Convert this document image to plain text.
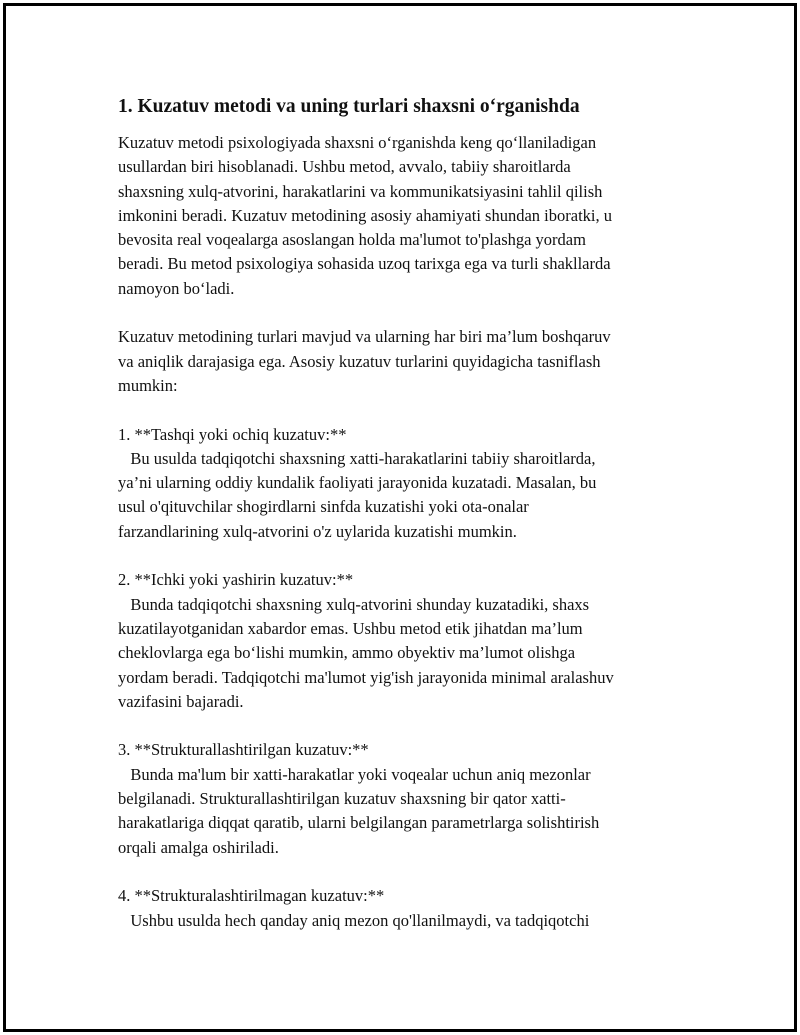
1. Kuzatuv metodi va uning turlari shaxsni o‘rganishda

Kuzatuv metodi psixologiyada shaxsni o‘rganishda keng qo‘llaniladigan

usullardan biri hisoblanadi. Ushbu metod, avvalo, tabiiy sharoitlarda

shaxsning xulq-atvorini, harakatlarini va kommunikatsiyasini tahlil qilish

imkonini beradi. Kuzatuv metodining asosiy ahamiyati shundan iboratki, u

bevosita real voqealarga asoslangan holda ma'lumot to'plashga yordam

beradi. Bu metod psixologiya sohasida uzoq tarixga ega va turli shakllarda

namoyon bo‘ladi.

Kuzatuv metodining turlari mavjud va ularning har biri ma’lum boshqaruv

va aniqlik darajasiga ega. Asosiy kuzatuv turlarini quyidagicha tasniflash

mumkin:

1. **Tashqi yoki ochiq kuzatuv:**

Bu usulda tadqiqotchi shaxsning xatti-harakatlarini tabiiy sharoitlarda,

ya’ni ularning oddiy kundalik faoliyati jarayonida kuzatadi. Masalan, bu

usul o'qituvchilar shogirdlarni sinfda kuzatishi yoki ota-onalar

farzandlarining xulq-atvorini o'z uylarida kuzatishi mumkin.

2. **Ichki yoki yashirin kuzatuv:**

Bunda tadqiqotchi shaxsning xulq-atvorini shunday kuzatadiki, shaxs

kuzatilayotganidan xabardor emas. Ushbu metod etik jihatdan ma’lum

cheklovlarga ega bo‘lishi mumkin, ammo obyektiv ma’lumot olishga

yordam beradi. Tadqiqotchi ma'lumot yig'ish jarayonida minimal aralashuv

vazifasini bajaradi.

3. **Strukturallashtirilgan kuzatuv:**

Bunda ma'lum bir xatti-harakatlar yoki voqealar uchun aniq mezonlar

belgilanadi. Strukturallashtirilgan kuzatuv shaxsning bir qator xatti-

harakatlariga diqqat qaratib, ularni belgilangan parametrlarga solishtirish

orqali amalga oshiriladi.

4. **Strukturalashtirilmagan kuzatuv:**

Ushbu usulda hech qanday aniq mezon qo'llanilmaydi, va tadqiqotchi
